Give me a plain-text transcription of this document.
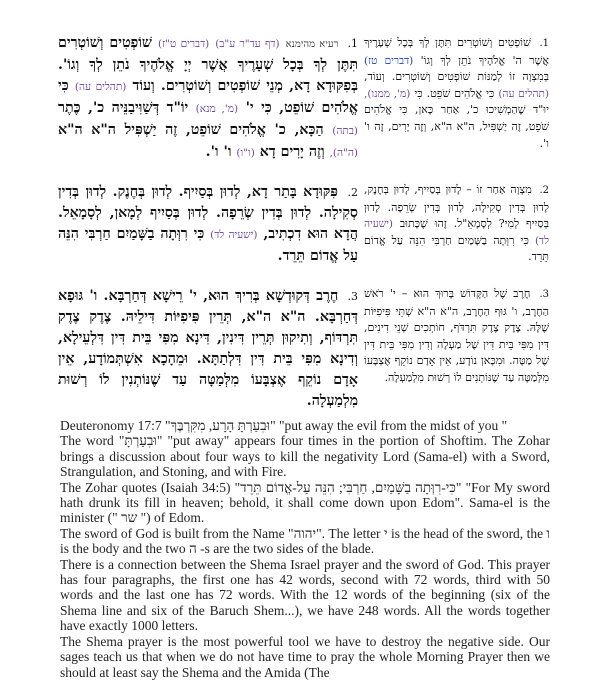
1. רעיא מהימנא (דף עד"ר ע"ב) (דברים ט"ז) שׁוֹפְטִים וְשׁוֹטְרִים תִּתֶּן לְךָ בְּכָל שְׁעָרֶיךָ אֲשֶׁר יְיָ אֱלֹהֶיךָ נֹתֵן לְךָ וְגוֹ'. בְּפִקּוּדָא דָא, מְנֵי שׁוֹפְטִים וְשׁוֹטְרִים. וְעוֹד (תהלים עה) כִּי אֱלֹהִים שׁוֹפֵט, כִּי י' (מ', מנא) יוֹ"ד דְּשַׁוִּיבַנֵּיה כ', כֶּתֶר (בתה) הַכָּא, כ' אֱלֹהִים שׁוֹפֵט, זֶה יַשְׁפִּיל ה"א ה"א (ה"ה), וְזֶה יָרִים דָא (ו"ו) ו' ו'.
2. פִּקּוּדָא בָּתַר דָא, לְדוּן בְּסַיִיף. לְדוּן בְּחֶנֶק. לְדוּן בְּדִין סְקִילָה. לְדוּן בְּדִין שְׂרֵפָה. לְדוּן בְּסַיִיף לְמָאן, לְסָמָאֵל. הֲדָא הוּא דִכְתִיב, (ישעיה לד) כִּי רִוְּתָה בַשָּׁמַיִם חַרְבִּי הִנֵּה עַל אֱדוֹם תֵּרֵד.
3. חֶרֶב דְּקוּדְשָׁא בְּרִיךְ הוּא, י' רֵישָׁא דְּחַרְבָּא. ו' גּוּפָא דְּחַרְבָּא. ה"א ה"א, תְּרֵין פִּיפִיּוֹת דִּילֵיהּ. צֶדֶק צֶדֶק תִּרְדּוֹף, וְתִיקוּן תְּרֵין דִּינִין, דִּינָא מִפִּי בֵּית דִּין דִּלְעֵילָא, וְדִינָא מִפִּי בֵּית דִּין דִּלְתַתָּא. וּמֵהָכָא אִשְׁתְּמוֹדָע, אֵין אָדָם נוֹקֵף אֶצְבָּעוֹ מִלְּמַטָּה עַד שֶׁנּוֹתְנִין לוֹ רְשׁוּת מִלְמַעְלָה.
1. שׁוֹפְטִים וְשׁוֹטְרִים תִּתֶּן לְךָ בְּכָל שְׁעָרֶיךָ אֲשֶׁר ה' אֱלֹהֶיךָ נֹתֵן לְךָ וְגוֹ' (דברים טז) בְּמִצְוָה זוֹ לְמַנּוֹת שׁוֹפְטִים וְשׁוֹטְרִים. וְעוֹד, (תהלים עה) כִּי אֱלֹהִים שֹׁפֵט. כִּי (מ', ממנו), יוּ"ד שֶׁהַמְשִׁיכוּ כ', אַחַר כָּאן, כִּי אֱלֹהִים שֹׁפֵט, זֶה יַשְׁפִּיל, ה"א ה"א, וְזֶה יָרִים, זֶה ו' ו'.
2. מִצְוָה אַחַר זוֹ – לָדוּן בְּסַיִיף, לָדוּן בְּחֶנֶק, לָדוּן בְּדִין סְקִילָה, לָדוּן בְּדִין שְׂרֵפָה. לָדוּן בְּסַיִיף לְמִי? לְסָמָאֵ"ל. זֶהוּ שֶׁכָּתוּב (ישעיה לד) כִּי רִוְּתָה בַשָּׁמַיִם חַרְבִּי הִנֵּה עַל אֱדוֹם תֵּרֵד.
3. חֶרֶב שֶׁל הַקָּדוֹשׁ בָּרוּךְ הוּא – י' רֹאשׁ הַחֶרֶב, ו' גּוּף הַחֶרֶב, ה"א ה"א שְׁתֵּי פִּיפִיּוֹת שֶׁלָּהּ. צֶדֶק צֶדֶק תִּרְדֹּף, חוֹתְכִים שְׁנֵי דִינִים, דִּין מִפִּי בֵּית דִּין שֶׁל מַעְלָה וְדִין מִפִּי בֵּית דִּין שֶׁל מַטָּה. וּמִכָּאן נוֹדָע, אֵין אָדָם נוֹקֵף אֶצְבָּעוֹ מִלְּמַטָּה עַד שֶׁנּוֹתְנִים לוֹ רְשׁוּת מִלְמַעְלָה.
Deuteronomy 17:7 "וּבִעַרְתָּ הָרָע, מִקִּרְבֶּךָ" "put away the evil from the midst of you "
The word "וּבִעַרְתָּ" "put away" appears four times in the portion of Shoftim. The Zohar brings a discussion about four ways to kill the negativity Lord (Sama-el) with a Sword, Strangulation, and Stoning, and with Fire.
The Zohar quotes (Isaiah 34:5) "כִּי-רִוְּתָה בַשָּׁמַיִם, חַרְבִּי; הִנֵּה עַל-אֱדוֹם תֵּרֵד" "For My sword hath drunk its fill in heaven; behold, it shall come down upon Edom". Sama-el is the minister (" שר ") of Edom.
The sword of God is built from the Name "יהוה". The letter י is the head of the sword, the ו is the body and the two ה -s are the two sides of the blade.
There is a connection between the Shema Israel prayer and the sword of God. This prayer has four paragraphs, the first one has 42 words, second with 72 words, third with 50 words and the last one has 72 words. With the 12 words of the beginning (six of the Shema line and six of the Baruch Shem...), we have 248 words. All the words together have exactly 1000 letters.
The Shema prayer is the most powerful tool we have to destroy the negative side. Our sages teach us that when we do not have time to pray the whole Morning Prayer then we should at least say the Shema and the Amida (The
